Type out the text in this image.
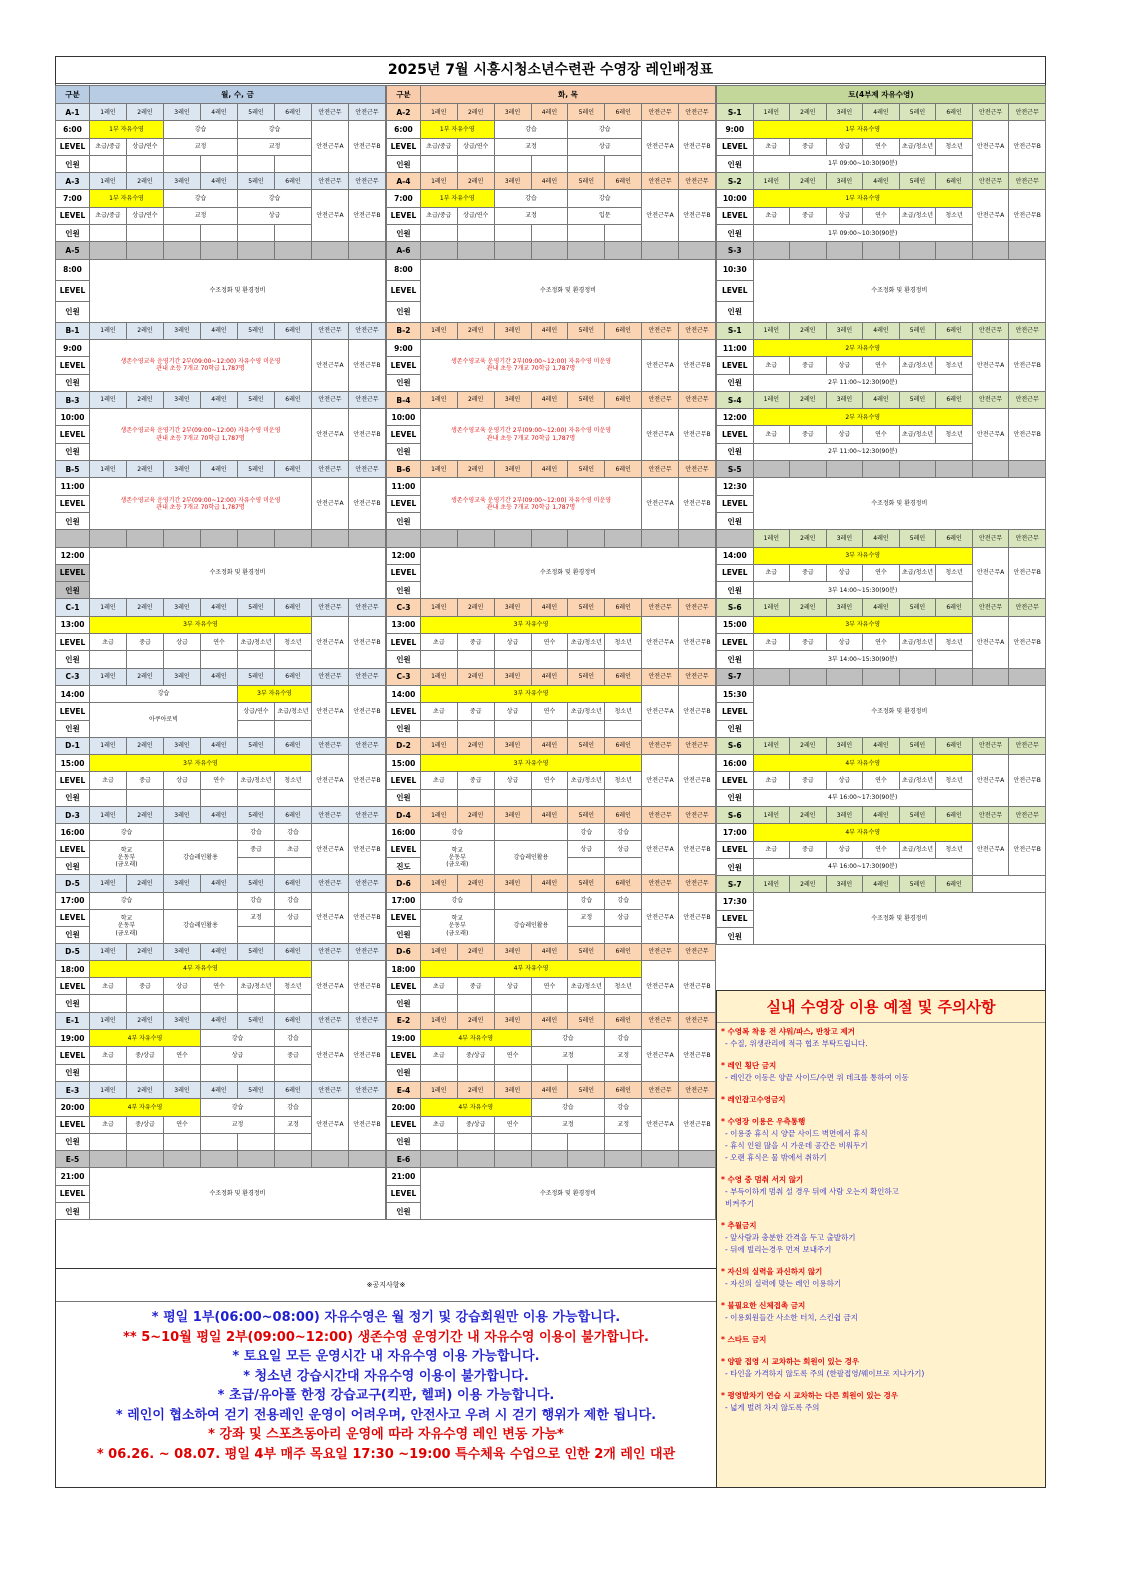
2025년 7월 시흥시청소년수련관 수영장 레인배정표
구분	월, 수, 금							
A-1	1레인	2레인	3레인	4레인	5레인	6레인	안전근무	안전근무
6:00	1부 자유수영		강습		강습		안전근무A	안전근무B
LEVEL	초급/중급	상급/연수	교정		교정			
인원								
A-3	1레인	2레인	3레인	4레인	5레인	6레인	안전근무	안전근무
7:00	1부 자유수영		강습		강습		안전근무A	안전근무B
LEVEL	초급/중급	상급/연수	교정		상급			
인원								
A-5								
8:00	수조정화 및 환경정비							
LEVEL								
인원								
B-1	1레인	2레인	3레인	4레인	5레인	6레인	안전근무	안전근무
9:00	생존수영교육 운영기간 2부(09:00~12:00) 자유수영 미운영
관내 초등 7개교 70학급 1,787명						안전근무A	안전근무B
LEVEL								
인원								
B-3	1레인	2레인	3레인	4레인	5레인	6레인	안전근무	안전근무
10:00	생존수영교육 운영기간 2부(09:00~12:00) 자유수영 미운영
관내 초등 7개교 70학급 1,787명						안전근무A	안전근무B
LEVEL								
인원								
B-5	1레인	2레인	3레인	4레인	5레인	6레인	안전근무	안전근무
11:00	생존수영교육 운영기간 2부(09:00~12:00) 자유수영 미운영
관내 초등 7개교 70학급 1,787명						안전근무A	안전근무B
LEVEL								
인원								

12:00	수조정화 및 환경정비							
LEVEL								
인원								
C-1	1레인	2레인	3레인	4레인	5레인	6레인	안전근무	안전근무
13:00	3부 자유수영						안전근무A	안전근무B
LEVEL	초급	중급	상급	연수	초급/청소년	청소년		
인원								
C-3	1레인	2레인	3레인	4레인	5레인	6레인	안전근무	안전근무
14:00	강습				3부 자유수영		안전근무A	안전근무B
LEVEL	아쿠아로빅				상급/연수	초급/청소년		
인원								
D-1	1레인	2레인	3레인	4레인	5레인	6레인	안전근무	안전근무
15:00	3부 자유수영						안전근무A	안전근무B
LEVEL	초급	중급	상급	연수	초급/청소년	청소년		
인원								
D-3	1레인	2레인	3레인	4레인	5레인	6레인	안전근무	안전근무
16:00	강습				강습	강습	안전근무A	안전근무B
LEVEL	학교
운동부
(금오래)		강습레인활용		중급	초급		
인원								
D-5	1레인	2레인	3레인	4레인	5레인	6레인	안전근무	안전근무
17:00	강습				강습	강습	안전근무A	안전근무B
LEVEL	학교
운동부
(금오래)		강습레인활용		교정	상급		
인원								
D-5	1레인	2레인	3레인	4레인	5레인	6레인	안전근무	안전근무
18:00	4부 자유수영						안전근무A	안전근무B
LEVEL	초급	중급	상급	연수	초급/청소년	청소년		
인원								
E-1	1레인	2레인	3레인	4레인	5레인	6레인	안전근무	안전근무
19:00	4부 자유수영			강습		강습	안전근무A	안전근무B
LEVEL	초급	중/상급	연수	상급		중급		
인원								
E-3	1레인	2레인	3레인	4레인	5레인	6레인	안전근무	안전근무
20:00	4부 자유수영			강습		강습	안전근무A	안전근무B
LEVEL	초급	중/상급	연수	교정		교정		
인원								
E-5								
21:00	수조정화 및 환경정비							
LEVEL								
인원								
구분	화, 목							
A-2	1레인	2레인	3레인	4레인	5레인	6레인	안전근무	안전근무
6:00	1부 자유수영		강습		강습		안전근무A	안전근무B
LEVEL	초급/중급	상급/연수	교정		상급			
인원								
A-4	1레인	2레인	3레인	4레인	5레인	6레인	안전근무	안전근무
7:00	1부 자유수영		강습		강습		안전근무A	안전근무B
LEVEL	초급/중급	상급/연수	교정		입문			
인원								
A-6								
8:00	수조정화 및 환경정비							
LEVEL								
인원								
B-2	1레인	2레인	3레인	4레인	5레인	6레인	안전근무	안전근무
9:00	생존수영교육 운영기간 2부(09:00~12:00) 자유수영 미운영
관내 초등 7개교 70학급 1,787명						안전근무A	안전근무B
LEVEL								
인원								
B-4	1레인	2레인	3레인	4레인	5레인	6레인	안전근무	안전근무
10:00	생존수영교육 운영기간 2부(09:00~12:00) 자유수영 미운영
관내 초등 7개교 70학급 1,787명						안전근무A	안전근무B
LEVEL								
인원								
B-6	1레인	2레인	3레인	4레인	5레인	6레인	안전근무	안전근무
11:00	생존수영교육 운영기간 2부(09:00~12:00) 자유수영 미운영
관내 초등 7개교 70학급 1,787명						안전근무A	안전근무B
LEVEL								
인원								

12:00	수조정화 및 환경정비							
LEVEL								
인원								
C-3	1레인	2레인	3레인	4레인	5레인	6레인	안전근무	안전근무
13:00	3부 자유수영						안전근무A	안전근무B
LEVEL	초급	중급	상급	연수	초급/청소년	청소년		
인원								
C-3	1레인	2레인	3레인	4레인	5레인	6레인	안전근무	안전근무
14:00	3부 자유수영						안전근무A	안전근무B
LEVEL	초급	중급	상급	연수	초급/청소년	청소년		
인원								
D-2	1레인	2레인	3레인	4레인	5레인	6레인	안전근무	안전근무
15:00	3부 자유수영						안전근무A	안전근무B
LEVEL	초급	중급	상급	연수	초급/청소년	청소년		
인원								
D-4	1레인	2레인	3레인	4레인	5레인	6레인	안전근무	안전근무
16:00	강습				강습	강습	안전근무A	안전근무B
LEVEL	학교
운동부
(금오래)		강습레인활용		상급	상급		
진도								
D-6	1레인	2레인	3레인	4레인	5레인	6레인	안전근무	안전근무
17:00	강습				강습	강습	안전근무A	안전근무B
LEVEL	학교
운동부
(금오래)		강습레인활용		교정	상급		
인원								
D-6	1레인	2레인	3레인	4레인	5레인	6레인	안전근무	안전근무
18:00	4부 자유수영						안전근무A	안전근무B
LEVEL	초급	중급	상급	연수	초급/청소년	청소년		
인원								
E-2	1레인	2레인	3레인	4레인	5레인	6레인	안전근무	안전근무
19:00	4부 자유수영			강습		강습	안전근무A	안전근무B
LEVEL	초급	중/상급	연수	교정		교정		
인원								
E-4	1레인	2레인	3레인	4레인	5레인	6레인	안전근무	안전근무
20:00	4부 자유수영			강습		강습	안전근무A	안전근무B
LEVEL	초급	중/상급	연수	교정		교정		
인원								
E-6								
21:00	수조정화 및 환경정비							
LEVEL								
인원								
토(4부제 자유수영)								
S-1	1레인	2레인	3레인	4레인	5레인	6레인	안전근무	안전근무
9:00	1부 자유수영						안전근무A	안전근무B
LEVEL	초급	중급	상급	연수	초급/청소년	청소년		
인원	1부 09:00~10:30(90분)							
S-2	1레인	2레인	3레인	4레인	5레인	6레인	안전근무	안전근무
10:00	1부 자유수영						안전근무A	안전근무B
LEVEL	초급	중급	상급	연수	초급/청소년	청소년		
인원	1부 09:00~10:30(90분)							
S-3								
10:30	수조정화 및 환경정비							
LEVEL								
인원								
S-1	1레인	2레인	3레인	4레인	5레인	6레인	안전근무	안전근무
11:00	2부 자유수영						안전근무A	안전근무B
LEVEL	초급	중급	상급	연수	초급/청소년	청소년		
인원	2부 11:00~12:30(90분)							
S-4	1레인	2레인	3레인	4레인	5레인	6레인	안전근무	안전근무
12:00	2부 자유수영						안전근무A	안전근무B
LEVEL	초급	중급	상급	연수	초급/청소년	청소년		
인원	2부 11:00~12:30(90분)							
S-5								
12:30	수조정화 및 환경정비							
LEVEL								
인원								
	1레인	2레인	3레인	4레인	5레인	6레인	안전근무	안전근무
14:00	3부 자유수영						안전근무A	안전근무B
LEVEL	초급	중급	상급	연수	초급/청소년	청소년		
인원	3부 14:00~15:30(90분)							
S-6	1레인	2레인	3레인	4레인	5레인	6레인	안전근무	안전근무
15:00	3부 자유수영						안전근무A	안전근무B
LEVEL	초급	중급	상급	연수	초급/청소년	청소년		
인원	3부 14:00~15:30(90분)							
S-7								
15:30	수조정화 및 환경정비							
LEVEL								
인원								
S-6	1레인	2레인	3레인	4레인	5레인	6레인	안전근무	안전근무
16:00	4부 자유수영						안전근무A	안전근무B
LEVEL	초급	중급	상급	연수	초급/청소년	청소년		
인원	4부 16:00~17:30(90분)							
S-6	1레인	2레인	3레인	4레인	5레인	6레인	안전근무	안전근무
17:00	4부 자유수영						안전근무A	안전근무B
LEVEL	초급	중급	상급	연수	초급/청소년	청소년		
인원	4부 16:00~17:30(90분)							
S-7	1레인	2레인	3레인	4레인	5레인	6레인		
17:30	수조정화 및 환경정비							
LEVEL								
인원								
※공지사항※
* 평일 1부(06:00~08:00) 자유수영은 월 정기 및 강습회원만 이용 가능합니다.
** 5~10월 평일 2부(09:00~12:00) 생존수영 운영기간 내 자유수영 이용이 불가합니다.
* 토요일 모든 운영시간 내 자유수영 이용 가능합니다.
* 청소년 강습시간대 자유수영 이용이 불가합니다.
* 초급/유아풀 한정 강습교구(킥판, 헬퍼) 이용 가능합니다.
* 레인이 협소하여 걷기 전용레인 운영이 어려우며, 안전사고 우려 시 걷기 행위가 제한 됩니다.
* 강좌 및 스포츠동아리 운영에 따라 자유수영 레인 변동 가능*
* 06.26. ~ 08.07. 평일 4부 매주 목요일 17:30 ~19:00 특수체육 수업으로 인한 2개 레인 대관
실내 수영장 이용 예절 및 주의사항
* 수영복 착용 전 샤워/파스, 반창고 제거
- 수질, 위생관리에 적극 협조 부탁드립니다.
* 레인 횡단 금지
- 레인간 이동은 양끝 사이드/수면 위 데크를 통하여 이동
* 레인잡고수영금지
* 수영장 이용은 우측통행
- 이용중 휴식 시 양끝 사이드 벽면에서 휴식
- 휴식 인원 많을 시 가운데 공간은 비워두기
- 오랜 휴식은 물 밖에서 취하기
* 수영 중 멈춰 서지 않기
- 부득이하게 멈춰 설 경우 뒤에 사람 오는지 확인하고
비켜주기
* 추월금지
- 앞사람과 충분한 간격을 두고 출발하기
- 뒤에 빌리는경우 먼저 보내주기
* 자신의 실력을 과신하지 않기
- 자신의 실력에 맞는 레인 이용하기
* 불필요한 신체접촉 금지
- 이용회원들간 사소한 터치, 스킨쉽 금지
* 스타트 금지
* 양팔 접영 시 교차하는 회원이 있는 경우
- 타인을 가격하지 않도록 주의 (한팔접영/웨이브로 지나가기)
* 평영발차기 연습 시 교차하는 다른 회원이 있는 경우
- 넓게 벌려 차지 않도록 주의
